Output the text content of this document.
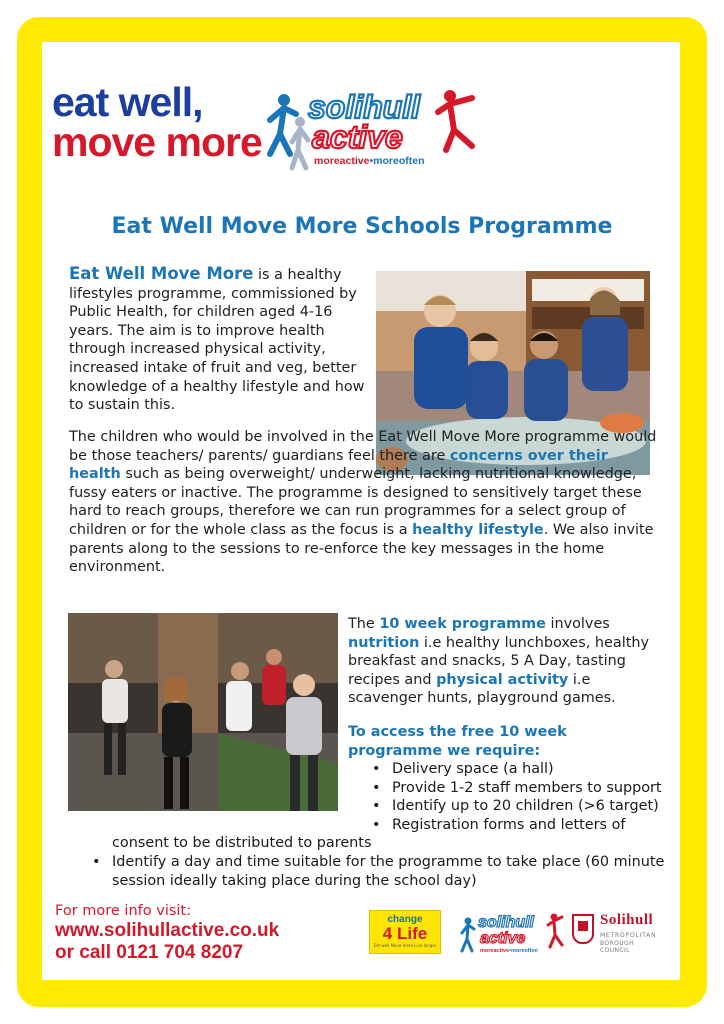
eat well,
move more
solihull
active
moreactive•moreoften
Eat Well Move More Schools Programme
Eat Well Move More is a healthy lifestyles programme, commissioned by Public Health, for children aged 4-16 years. The aim is to improve health through increased physical activity, increased intake of fruit and veg, better knowledge of a healthy lifestyle and how to sustain this.
The children who would be involved in the Eat Well Move More programme would be those teachers/ parents/ guardians feel there are concerns over their health such as being overweight/ underweight, lacking nutritional knowledge, fussy eaters or inactive. The programme is designed to sensitively target these hard to reach groups, therefore we can run programmes for a select group of children or for the whole class as the focus is a healthy lifestyle. We also invite parents along to the sessions to re-enforce the key messages in the home environment.
The 10 week programme involves nutrition i.e healthy lunchboxes, healthy breakfast and snacks, 5 A Day, tasting recipes and physical activity i.e scavenger hunts, playground games.
To access the free 10 week programme we require:
• Delivery space (a hall)
• Provide 1-2 staff members to support
• Identify up to 20 children (>6 target)
• Registration forms and letters of
consent to be distributed to parents
• Identify a day and time suitable for the programme to take place (60 minute session ideally taking place during the school day)
For more info visit:
www.solihullactive.co.uk
or call 0121 704 8207
change
4 Life
Eat well Move more Live longer
solihull
active
moreactive•moreoften
Solihull
METROPOLITAN
BOROUGH COUNCIL
